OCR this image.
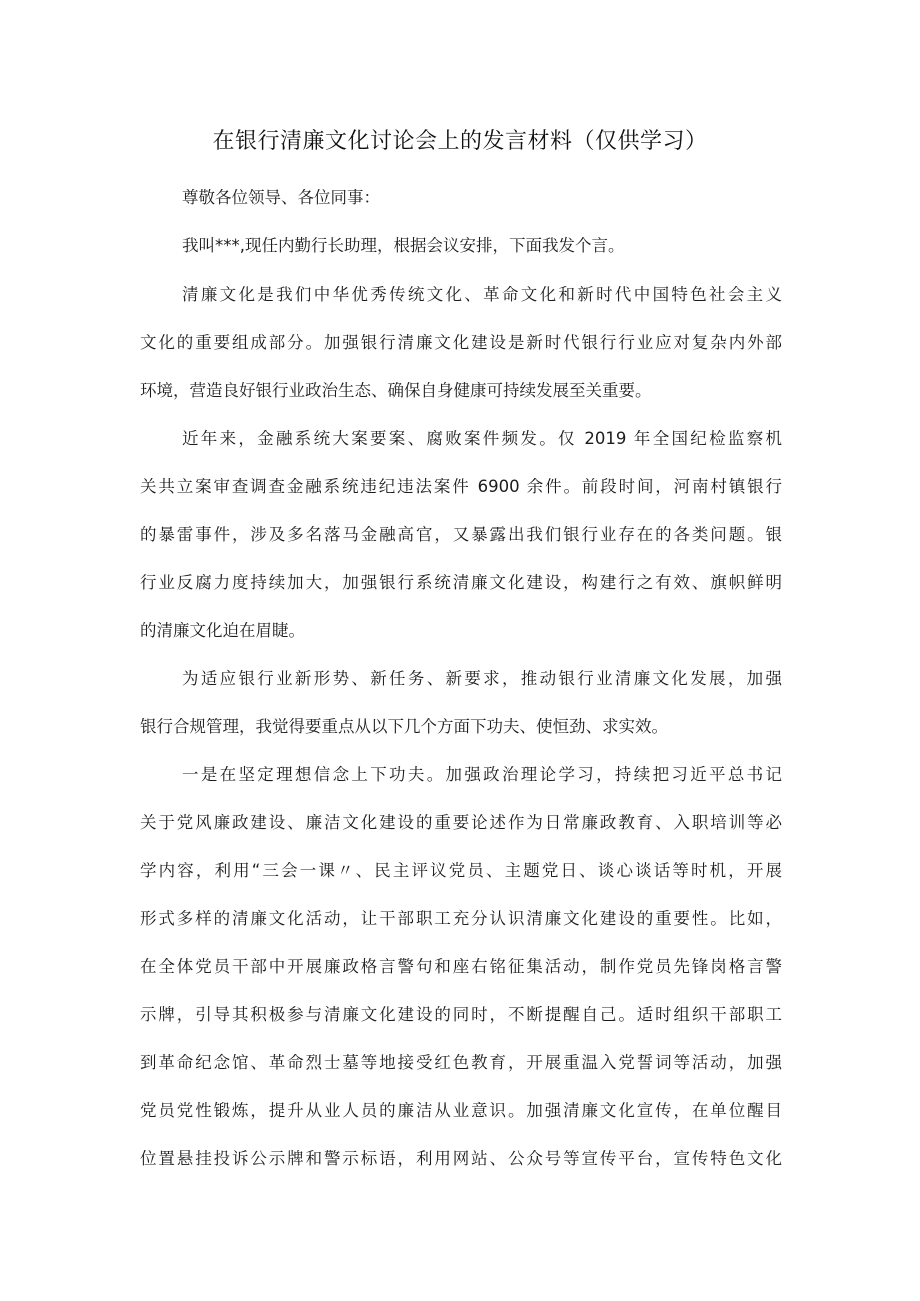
在银行清廉文化讨论会上的发言材料（仅供学习）
尊敬各位领导、各位同事：
我叫***,现任内勤行长助理，根据会议安排，下面我发个言。
清廉文化是我们中华优秀传统文化、革命文化和新时代中国特色社会主义
文化的重要组成部分。加强银行清廉文化建设是新时代银行行业应对复杂内外部
环境，营造良好银行业政治生态、确保自身健康可持续发展至关重要。
近年来，金融系统大案要案、腐败案件频发。仅 2019 年全国纪检监察机
关共立案审查调查金融系统违纪违法案件 6900 余件。前段时间，河南村镇银行
的暴雷事件，涉及多名落马金融高官，又暴露出我们银行业存在的各类问题。银
行业反腐力度持续加大，加强银行系统清廉文化建设，构建行之有效、旗帜鲜明
的清廉文化迫在眉睫。
为适应银行业新形势、新任务、新要求，推动银行业清廉文化发展，加强
银行合规管理，我觉得要重点从以下几个方面下功夫、使恒劲、求实效。
一是在坚定理想信念上下功夫。加强政治理论学习，持续把习近平总书记
关于党风廉政建设、廉洁文化建设的重要论述作为日常廉政教育、入职培训等必
学内容，利用“三会一课〃、民主评议党员、主题党日、谈心谈话等时机，开展
形式多样的清廉文化活动，让干部职工充分认识清廉文化建设的重要性。比如，
在全体党员干部中开展廉政格言警句和座右铭征集活动，制作党员先锋岗格言警
示牌，引导其积极参与清廉文化建设的同时，不断提醒自己。适时组织干部职工
到革命纪念馆、革命烈士墓等地接受红色教育，开展重温入党誓词等活动，加强
党员党性锻炼，提升从业人员的廉洁从业意识。加强清廉文化宣传，在单位醒目
位置悬挂投诉公示牌和警示标语，利用网站、公众号等宣传平台，宣传特色文化
